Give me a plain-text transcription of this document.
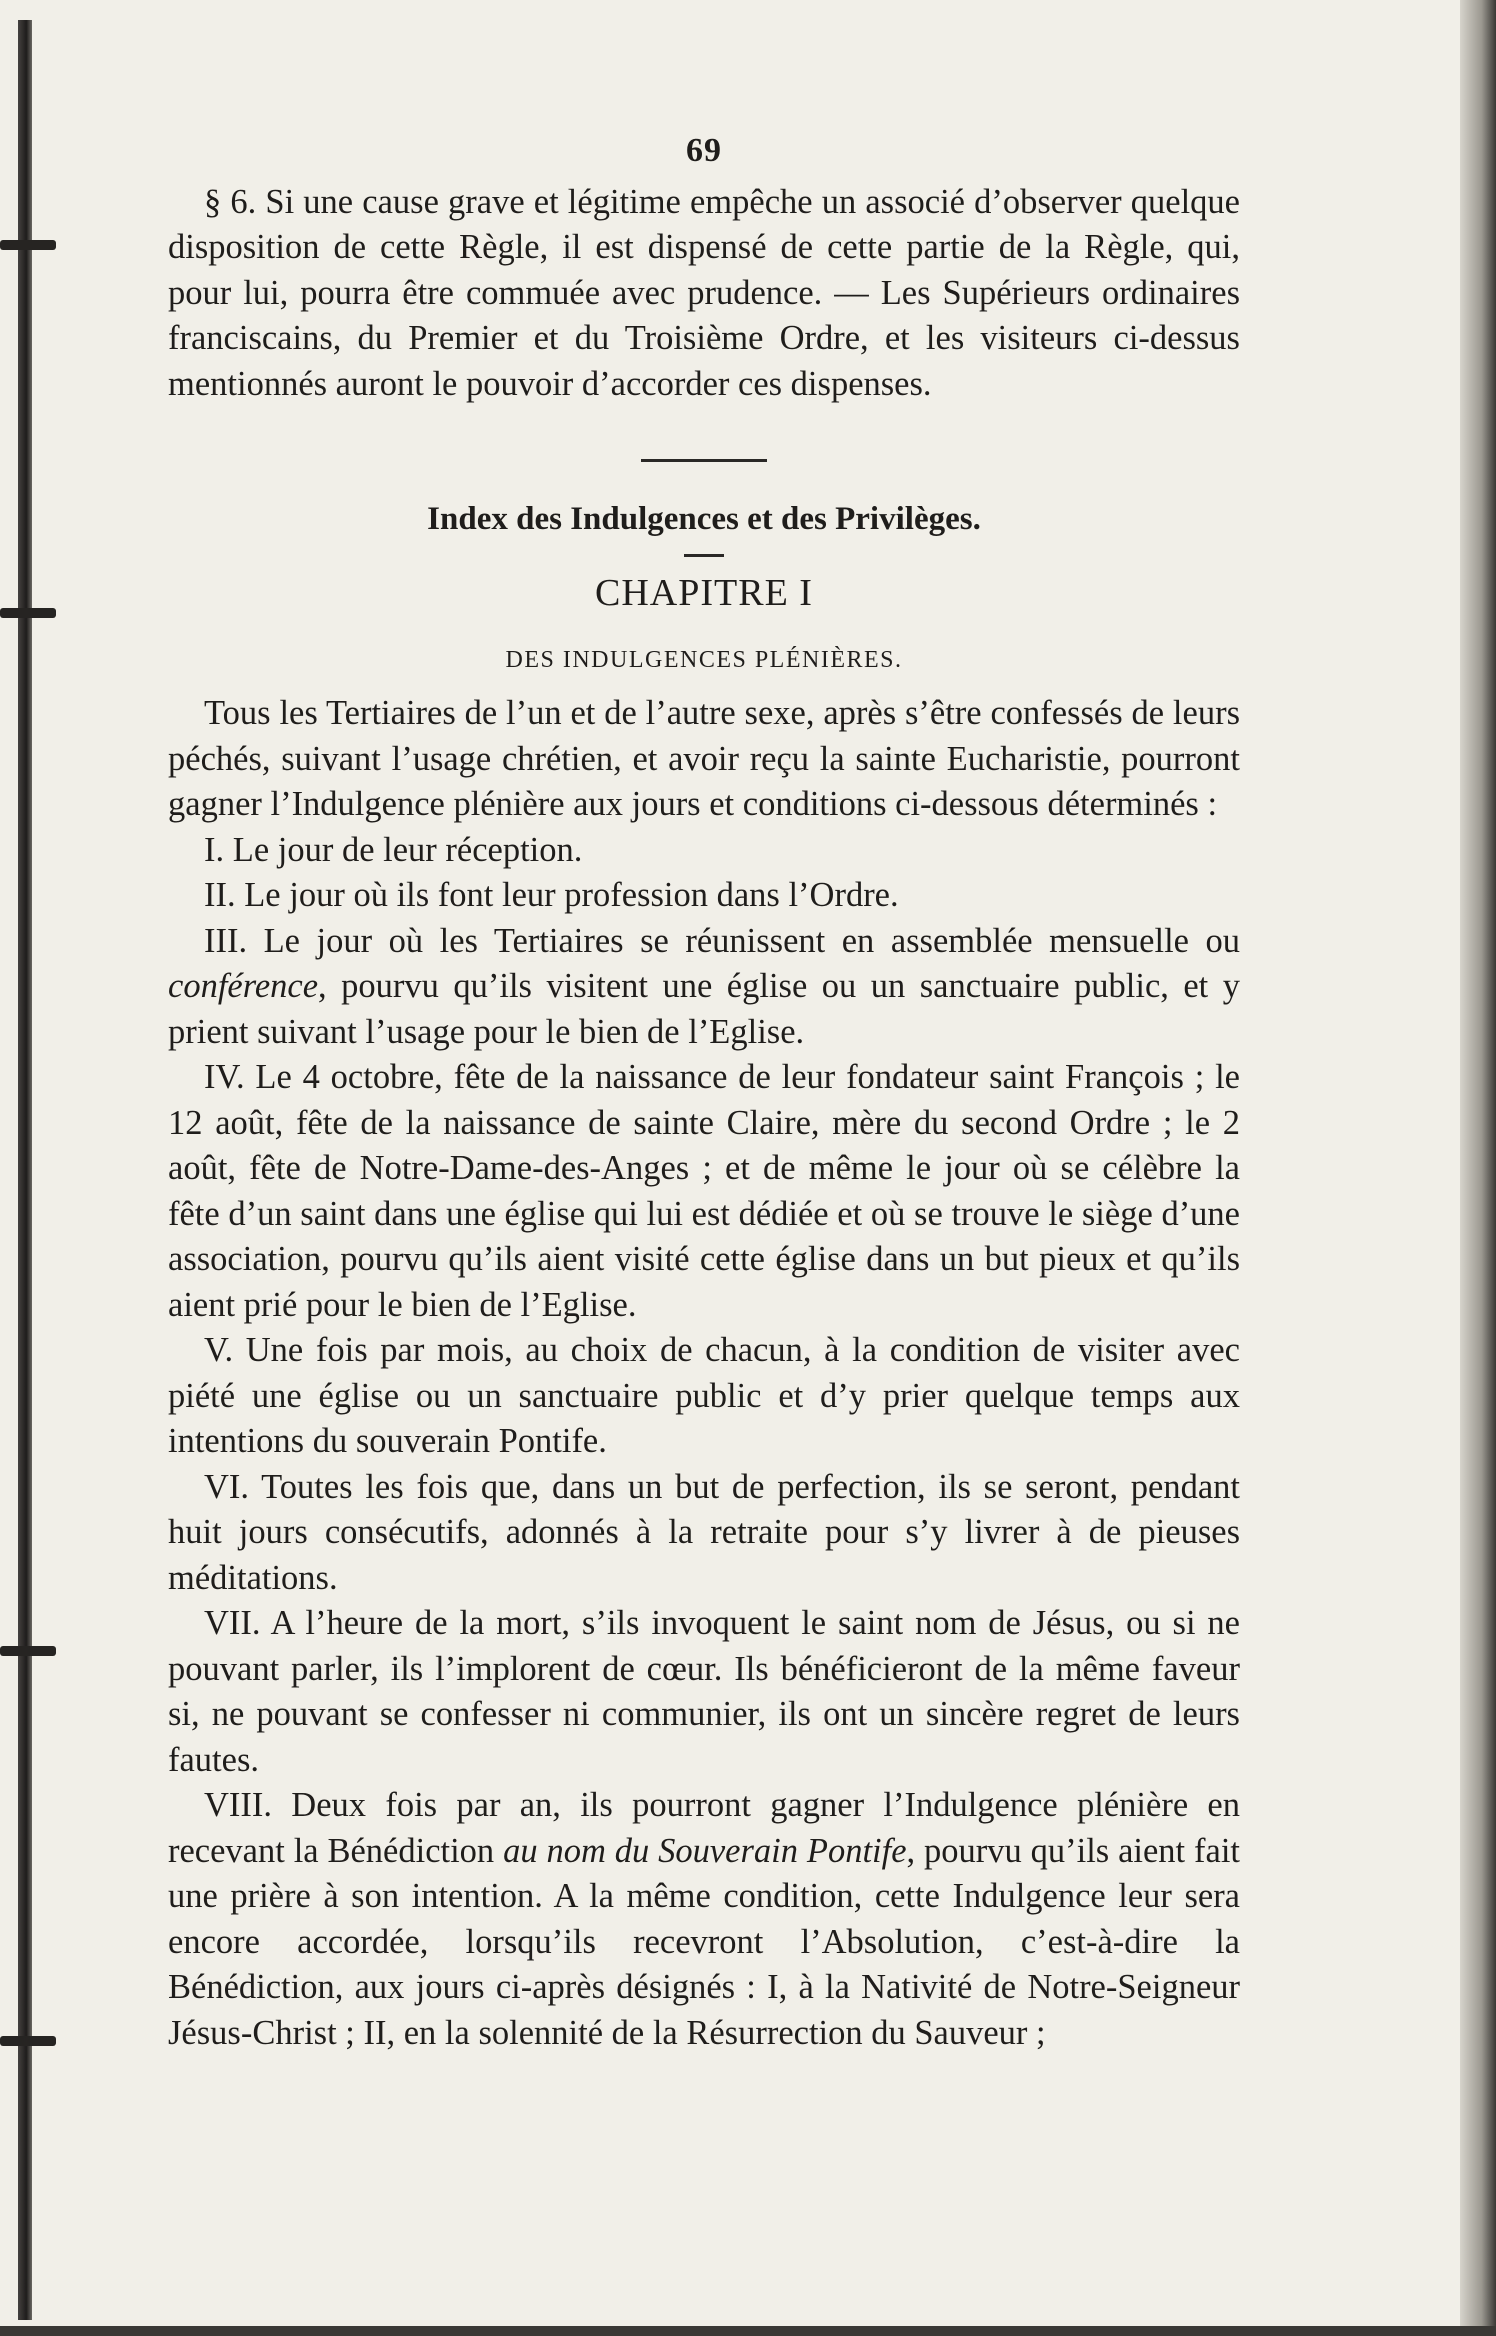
69

§ 6. Si une cause grave et légitime empêche un associé d’observer quelque disposition de cette Règle, il est dispensé de cette partie de la Règle, qui, pour lui, pourra être commuée avec prudence. — Les Supérieurs ordinaires franciscains, du Premier et du Troisième Ordre, et les visiteurs ci-dessus mentionnés auront le pouvoir d’accorder ces dispenses.

Index des Indulgences et des Privilèges.
CHAPITRE I
DES INDULGENCES PLÉNIÈRES.

Tous les Tertiaires de l’un et de l’autre sexe, après s’être confessés de leurs péchés, suivant l’usage chrétien, et avoir reçu la sainte Eucharistie, pourront gagner l’Indulgence plénière aux jours et conditions ci-dessous déterminés :

I. Le jour de leur réception.

II. Le jour où ils font leur profession dans l’Ordre.

III. Le jour où les Tertiaires se réunissent en assemblée mensuelle ou conférence, pourvu qu’ils visitent une église ou un sanctuaire public, et y prient suivant l’usage pour le bien de l’Eglise.

IV. Le 4 octobre, fête de la naissance de leur fondateur saint François ; le 12 août, fête de la naissance de sainte Claire, mère du second Ordre ; le 2 août, fête de Notre-Dame-des-Anges ; et de même le jour où se célèbre la fête d’un saint dans une église qui lui est dédiée et où se trouve le siège d’une association, pourvu qu’ils aient visité cette église dans un but pieux et qu’ils aient prié pour le bien de l’Eglise.

V. Une fois par mois, au choix de chacun, à la condition de visiter avec piété une église ou un sanctuaire public et d’y prier quelque temps aux intentions du souverain Pontife.

VI. Toutes les fois que, dans un but de perfection, ils se seront, pendant huit jours consécutifs, adonnés à la retraite pour s’y livrer à de pieuses méditations.

VII. A l’heure de la mort, s’ils invoquent le saint nom de Jésus, ou si ne pouvant parler, ils l’implorent de cœur. Ils bénéficieront de la même faveur si, ne pouvant se confesser ni communier, ils ont un sincère regret de leurs fautes.

VIII. Deux fois par an, ils pourront gagner l’Indulgence plénière en recevant la Bénédiction au nom du Souverain Pontife, pourvu qu’ils aient fait une prière à son intention. A la même condition, cette Indulgence leur sera encore accordée, lorsqu’ils recevront l’Absolution, c’est-à-dire la Bénédiction, aux jours ci-après désignés : I, à la Nativité de Notre-Seigneur Jésus-Christ ; II, en la solennité de la Résurrection du Sauveur ;
